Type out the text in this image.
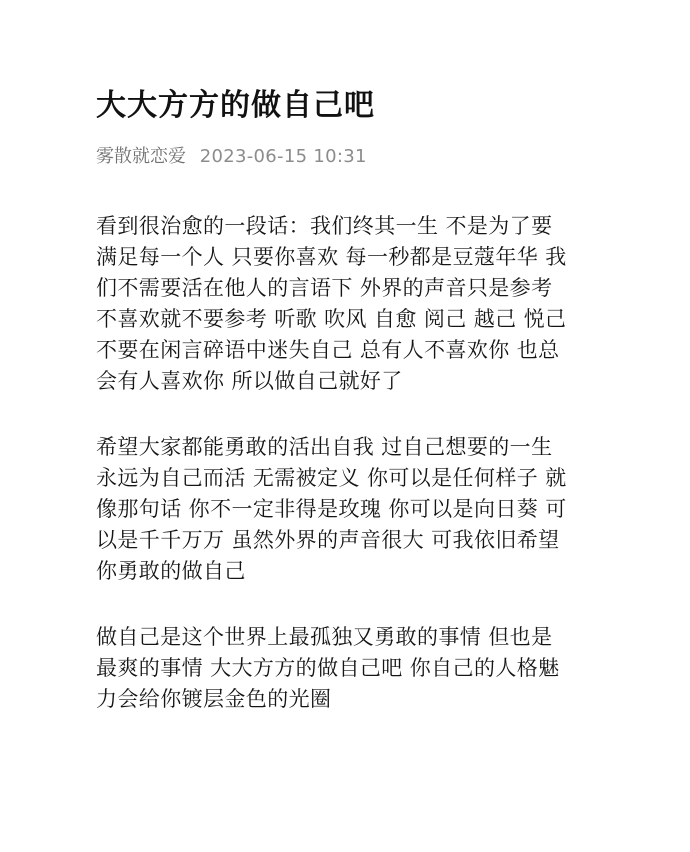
大大方方的做自己吧
雾散就恋爱 2023-06-15 10:31

看到很治愈的一段话：我们终其一生 不是为了要
满足每一个人 只要你喜欢 每一秒都是豆蔻年华 我
们不需要活在他人的言语下 外界的声音只是参考
不喜欢就不要参考 听歌 吹风 自愈 阅己 越己 悦己
不要在闲言碎语中迷失自己 总有人不喜欢你 也总
会有人喜欢你 所以做自己就好了

希望大家都能勇敢的活出自我 过自己想要的一生
永远为自己而活 无需被定义 你可以是任何样子 就
像那句话 你不一定非得是玫瑰 你可以是向日葵 可
以是千千万万 虽然外界的声音很大 可我依旧希望
你勇敢的做自己

做自己是这个世界上最孤独又勇敢的事情 但也是
最爽的事情 大大方方的做自己吧 你自己的人格魅
力会给你镀层金色的光圈
